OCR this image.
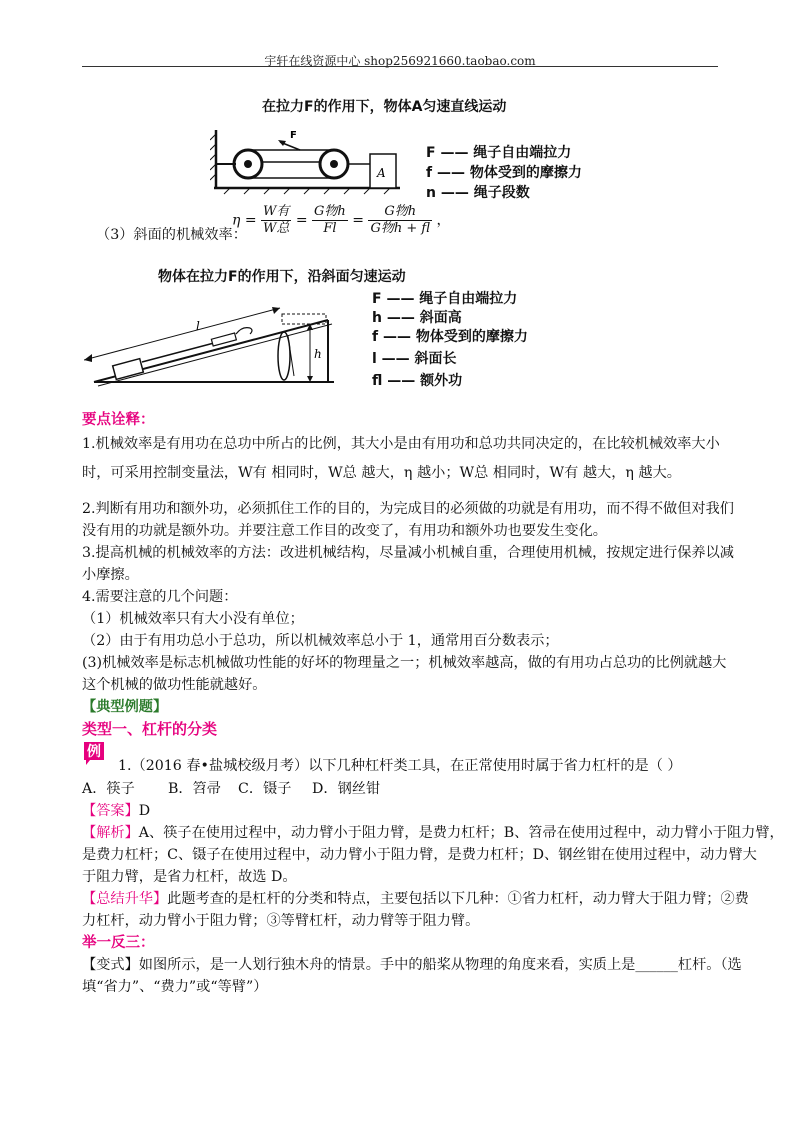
宇轩在线资源中心 shop256921660.taobao.com
在拉力F的作用下，物体A匀速直线运动
F
A
F —— 绳子自由端拉力
f —— 物体受到的摩擦力
n —— 绳子段数
（3）斜面的机械效率：
$\eta = \frac{\text{W有}}{\text{W总}} = \frac{\text{G物h}}{Fl} = \frac{\text{G物h}}{\text{G物h + fl}}$ ，
物体在拉力F的作用下，沿斜面匀速运动
l
h
F —— 绳子自由端拉力
h —— 斜面高
f —— 物体受到的摩擦力
l —— 斜面长
fl —— 额外功
要点诠释：
1.机械效率是有用功在总功中所占的比例，其大小是由有用功和总功共同决定的，在比较机械效率大小
时，可采用控制变量法，W有 相同时，W总 越大，η 越小；W总 相同时，W有 越大，η 越大。
2.判断有用功和额外功，必须抓住工作的目的，为完成目的必须做的功就是有用功，而不得不做但对我们
没有用的功就是额外功。并要注意工作目的改变了，有用功和额外功也要发生变化。
3.提高机械的机械效率的方法：改进机械结构，尽量减小机械自重，合理使用机械，按规定进行保养以减
小摩擦。
4.需要注意的几个问题：
（1）机械效率只有大小没有单位；
（2）由于有用功总小于总功，所以机械效率总小于 1，通常用百分数表示；
(3)机械效率是标志机械做功性能的好坏的物理量之一；机械效率越高，做的有用功占总功的比例就越大
这个机械的做功性能就越好。
【典型例题】
类型一、杠杆的分类
例
1.（2016 春•盐城校级月考）以下几种杠杆类工具，在正常使用时属于省力杠杆的是（ ）
A．筷子 B．笤帚 C．镊子 D．钢丝钳
【答案】D
【解析】A、筷子在使用过程中，动力臂小于阻力臂，是费力杠杆；B、笤帚在使用过程中，动力臂小于阻力臂，
是费力杠杆；C、镊子在使用过程中，动力臂小于阻力臂，是费力杠杆；D、钢丝钳在使用过程中，动力臂大
于阻力臂，是省力杠杆，故选 D。
【总结升华】此题考查的是杠杆的分类和特点，主要包括以下几种：①省力杠杆，动力臂大于阻力臂；②费
力杠杆，动力臂小于阻力臂；③等臂杠杆，动力臂等于阻力臂。
举一反三：
【变式】如图所示，是一人划行独木舟的情景。手中的船桨从物理的角度来看，实质上是______杠杆。（选
填“省力”、“费力”或“等臂”）
